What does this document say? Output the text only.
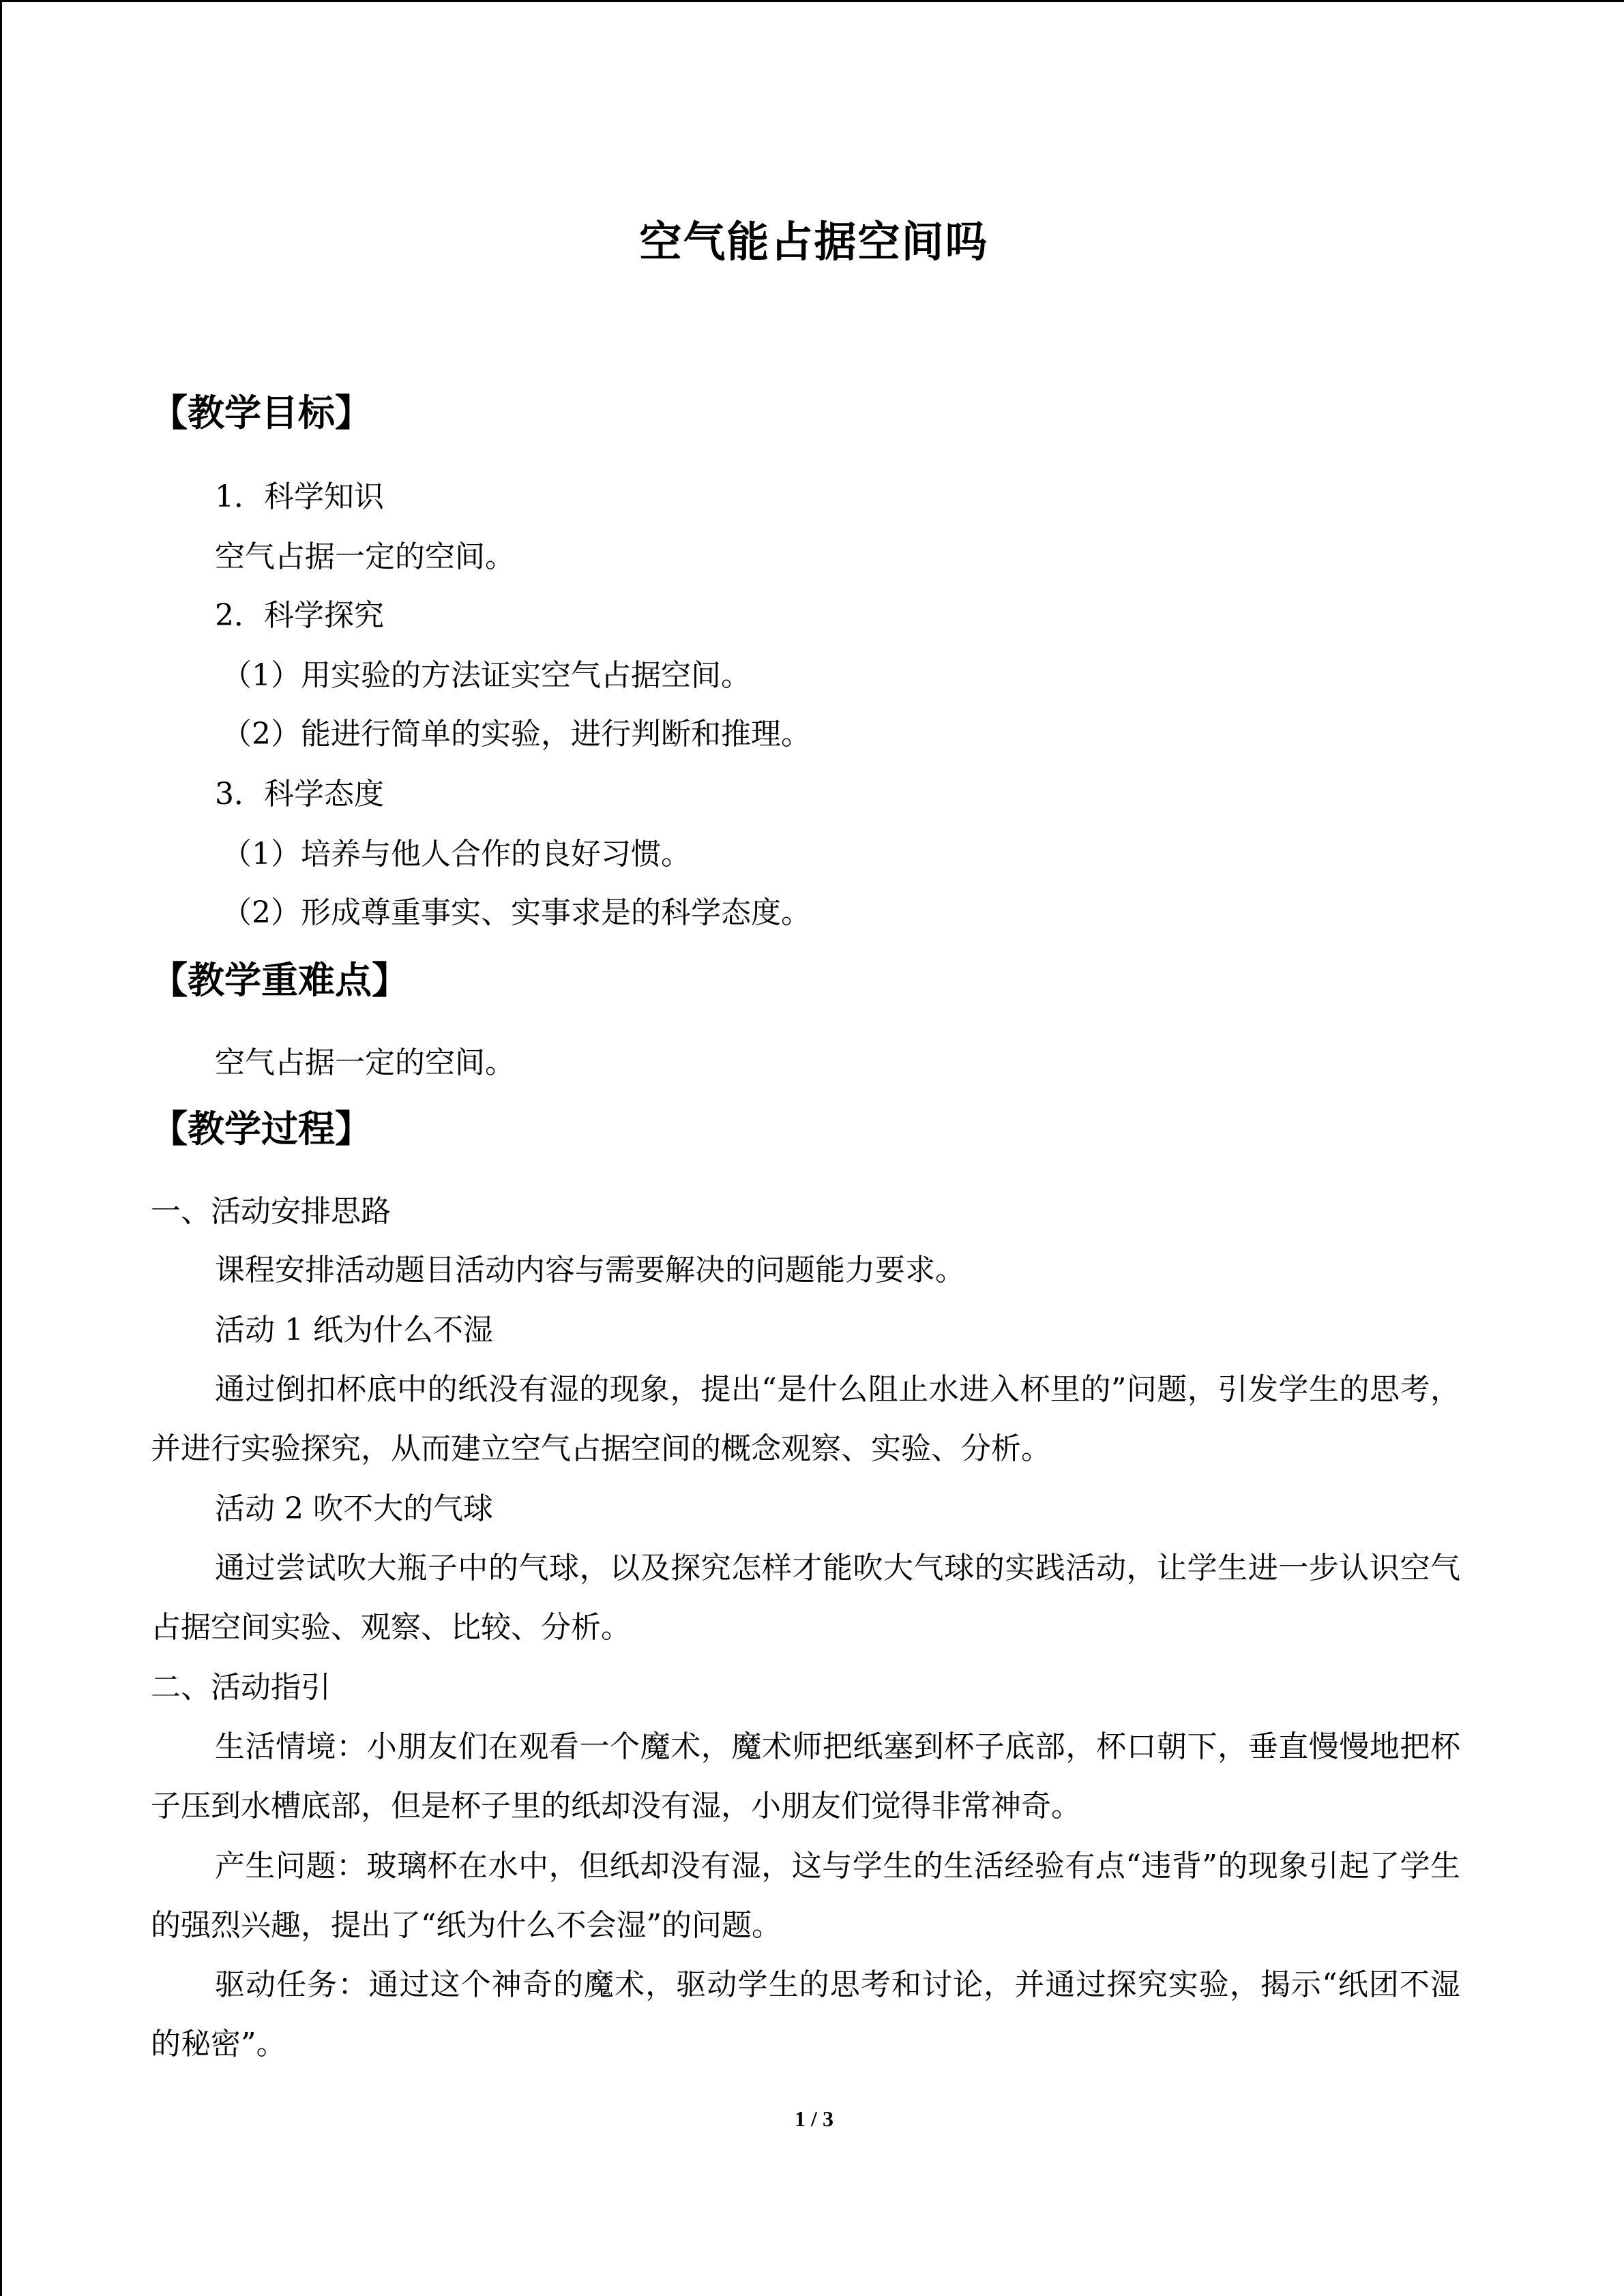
空气能占据空间吗
【教学目标】
1．科学知识
空气占据一定的空间。
2．科学探究
（1）用实验的方法证实空气占据空间。
（2）能进行简单的实验，进行判断和推理。
3．科学态度
（1）培养与他人合作的良好习惯。
（2）形成尊重事实、实事求是的科学态度。
【教学重难点】
空气占据一定的空间。
【教学过程】
一、活动安排思路
课程安排活动题目活动内容与需要解决的问题能力要求。
活动 1 纸为什么不湿
通过倒扣杯底中的纸没有湿的现象，提出“是什么阻止水进入杯里的”问题，引发学生的思考，并进行实验探究，从而建立空气占据空间的概念观察、实验、分析。
活动 2 吹不大的气球
通过尝试吹大瓶子中的气球，以及探究怎样才能吹大气球的实践活动，让学生进一步认识空气占据空间实验、观察、比较、分析。
二、活动指引
生活情境：小朋友们在观看一个魔术，魔术师把纸塞到杯子底部，杯口朝下，垂直慢慢地把杯子压到水槽底部，但是杯子里的纸却没有湿，小朋友们觉得非常神奇。
产生问题：玻璃杯在水中，但纸却没有湿，这与学生的生活经验有点“违背”的现象引起了学生的强烈兴趣，提出了“纸为什么不会湿”的问题。
驱动任务：通过这个神奇的魔术，驱动学生的思考和讨论，并通过探究实验，揭示“纸团不湿的秘密”。
1 / 3
